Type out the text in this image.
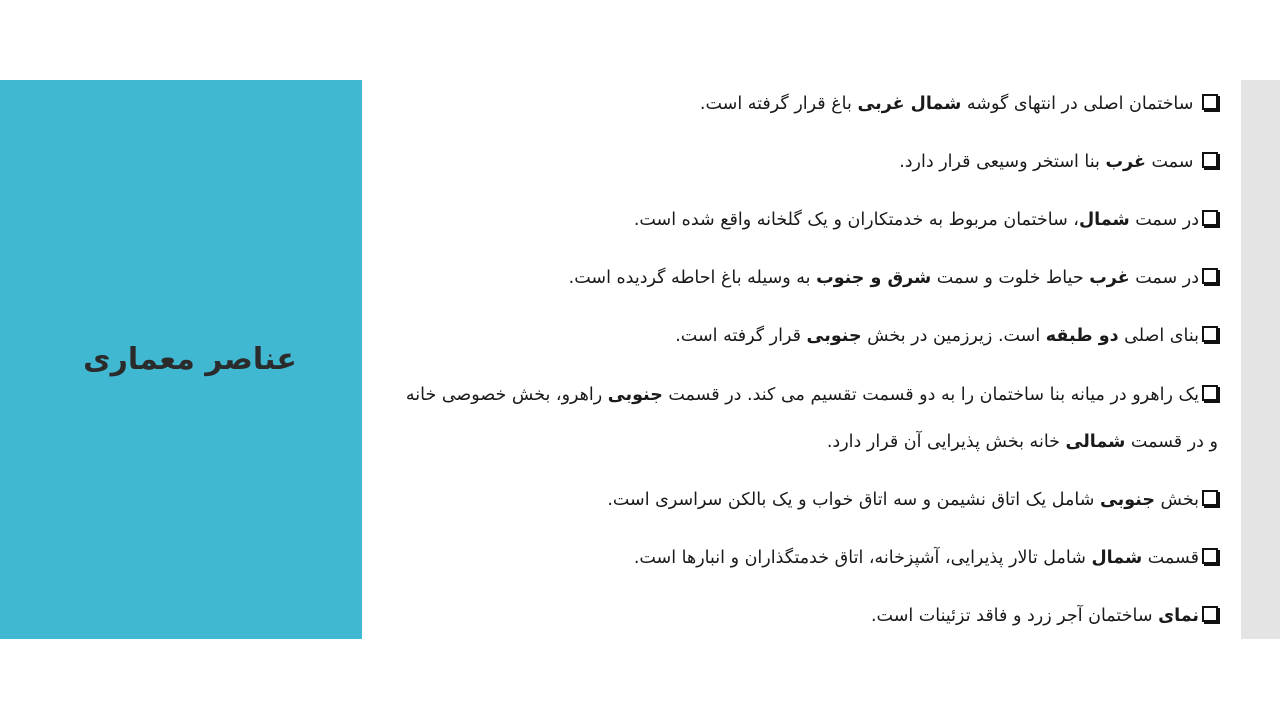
عناصر معماری

ساختمان اصلی در انتهای گوشه شمال غربی باغ قرار گرفته است.

سمت غرب بنا استخر وسیعی قرار دارد.

در سمت شمال، ساختمان مربوط به خدمتکاران و یک گلخانه واقع شده است.

در سمت غرب حیاط خلوت و سمت شرق و جنوب به وسیله باغ احاطه گردیده است.

بنای اصلی دو طبقه است. زیرزمین در بخش جنوبی قرار گرفته است.

یک راهرو در میانه بنا ساختمان را به دو قسمت تقسیم می کند. در قسمت جنوبی راهرو، بخش خصوصی خانه و در قسمت شمالی خانه بخش پذیرایی آن قرار دارد.

بخش جنوبی شامل یک اتاق نشیمن و سه اتاق خواب و یک بالکن سراسری است.

قسمت شمال شامل تالار پذیرایی، آشپزخانه، اتاق خدمتگذاران و انبارها است.

نمای ساختمان آجر زرد و فاقد تزئینات است.
